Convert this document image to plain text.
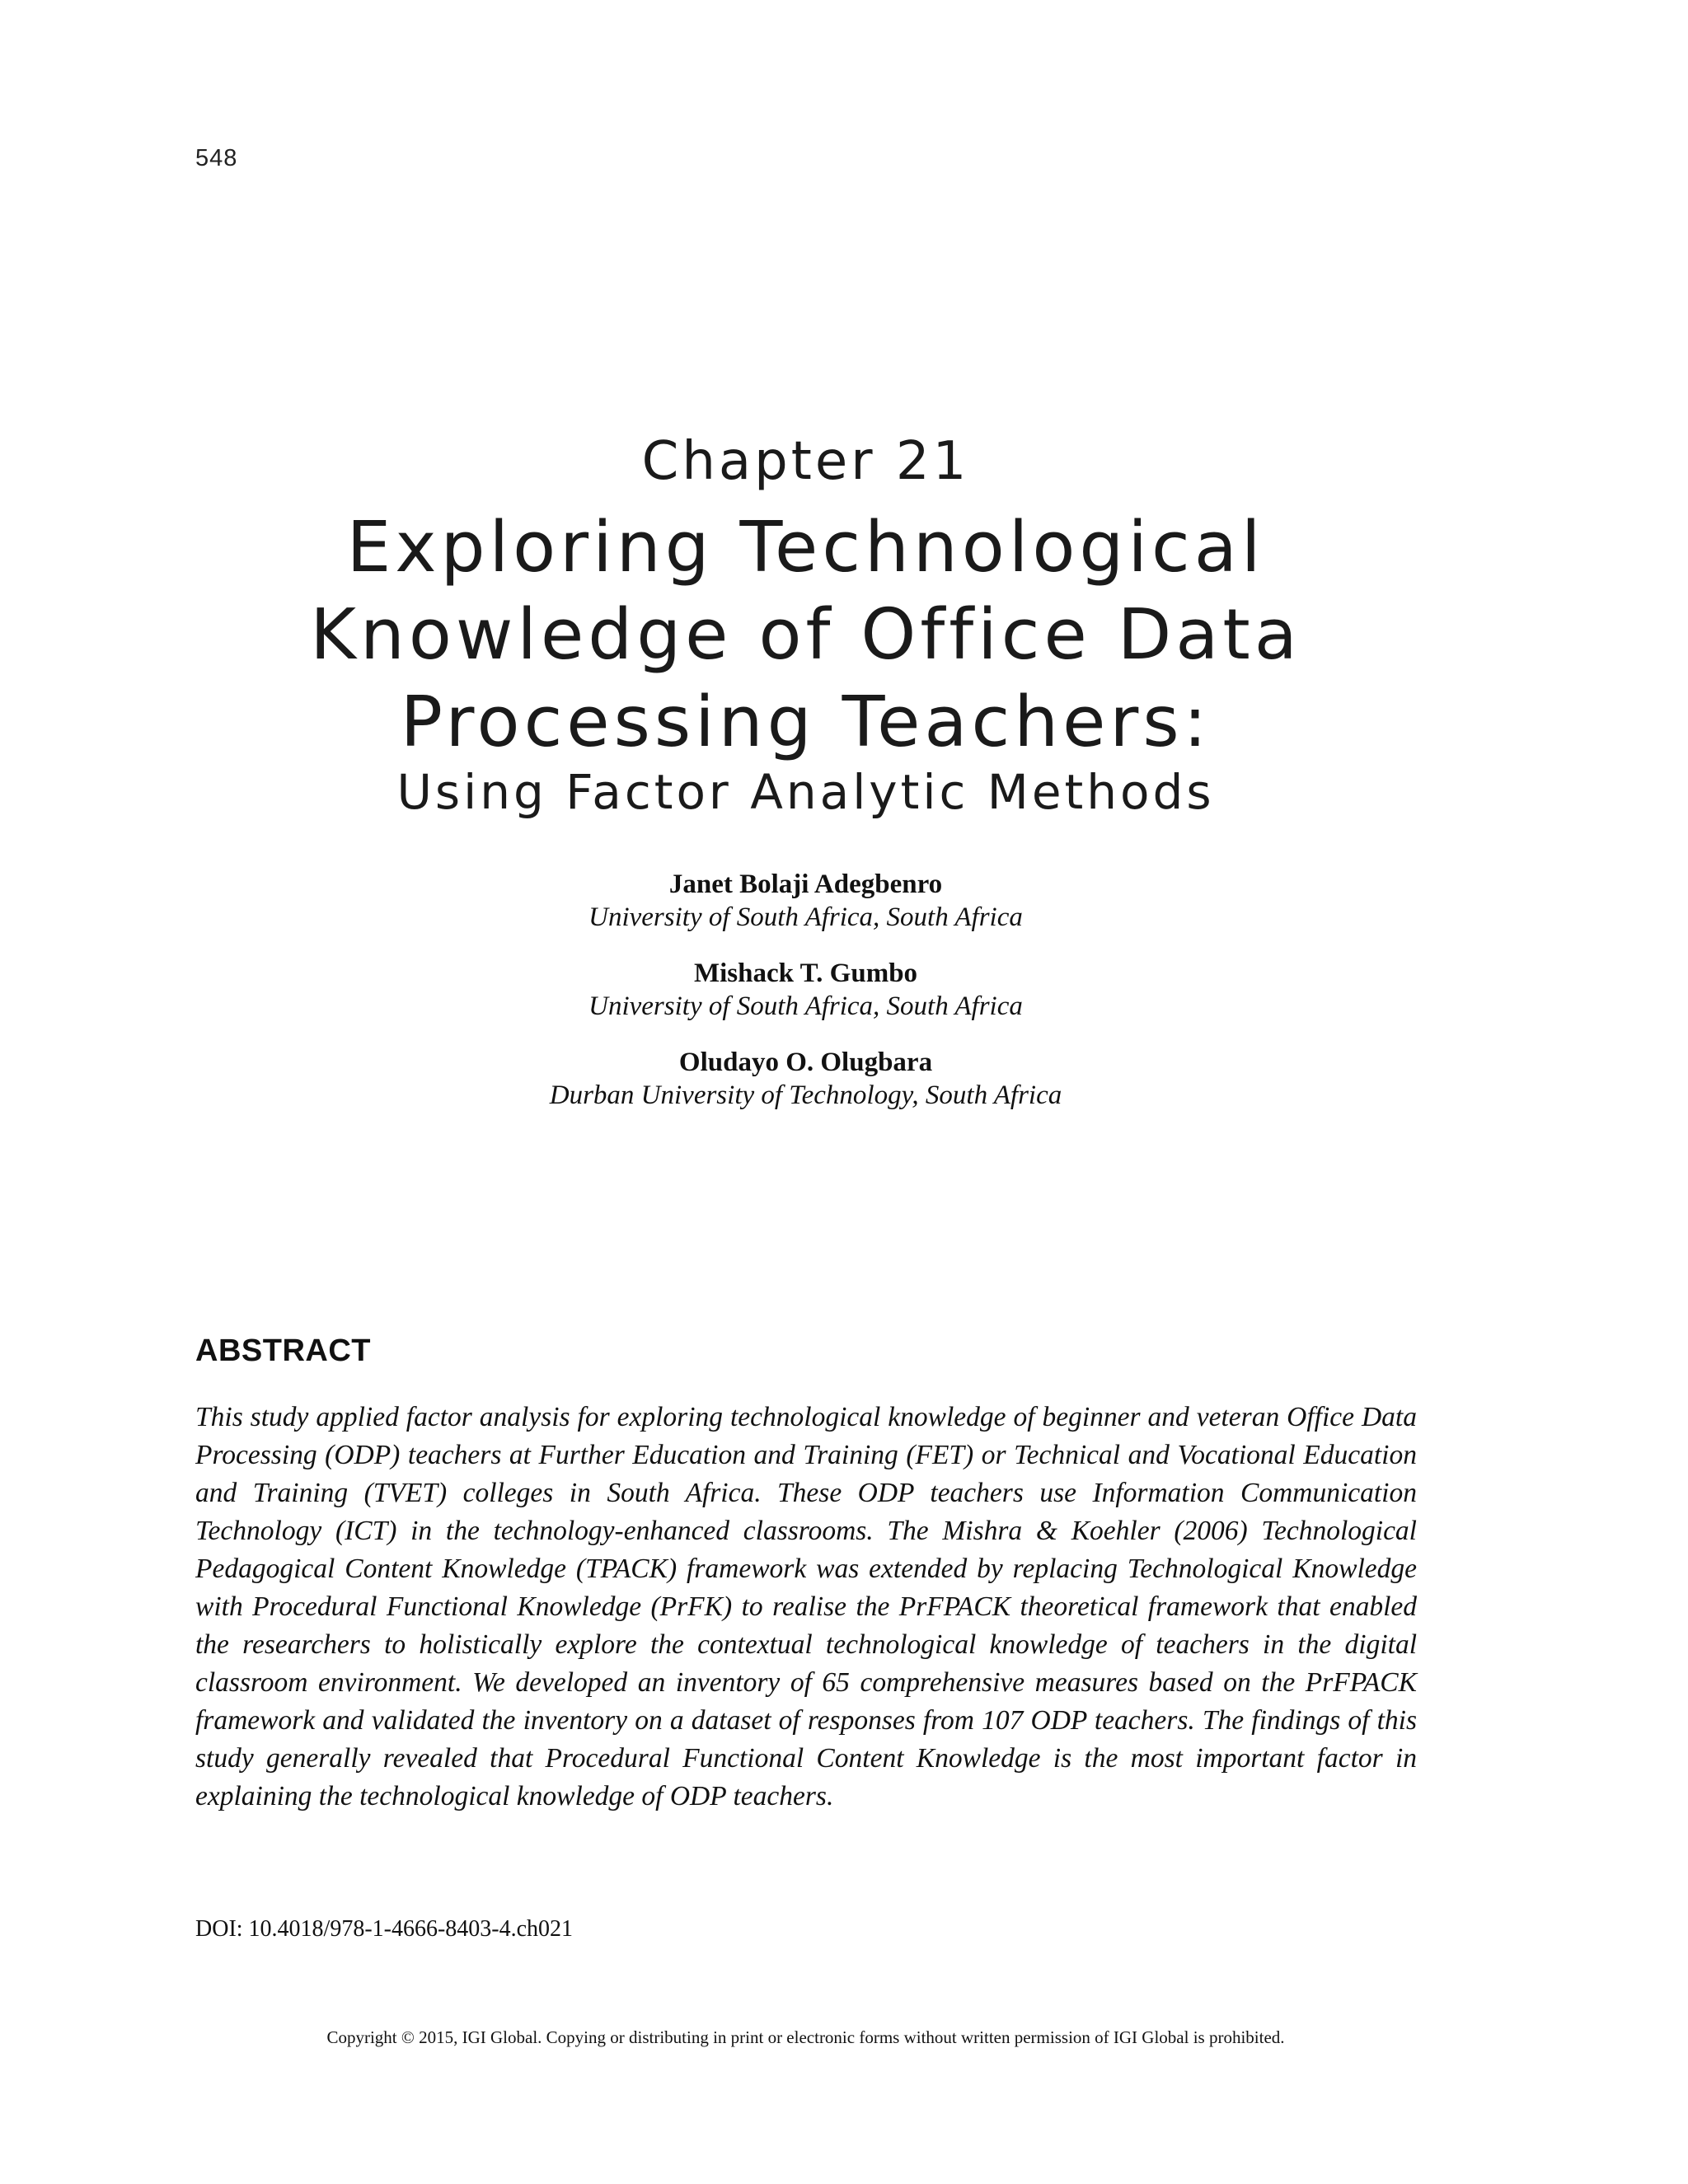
548
Chapter 21
Exploring Technological
Knowledge of Office Data
Processing Teachers:
Using Factor Analytic Methods
Janet Bolaji Adegbenro
University of South Africa, South Africa
Mishack T. Gumbo
University of South Africa, South Africa
Oludayo O. Olugbara
Durban University of Technology, South Africa
ABSTRACT
This study applied factor analysis for exploring technological knowledge of beginner and veteran Office Data Processing (ODP) teachers at Further Education and Training (FET) or Technical and Vocational Education and Training (TVET) colleges in South Africa. These ODP teachers use Information Communication Technology (ICT) in the technology-enhanced classrooms. The Mishra & Koehler (2006) Technological Pedagogical Content Knowledge (TPACK) framework was extended by replacing Technological Knowledge with Procedural Functional Knowledge (PrFK) to realise the PrFPACK theoretical framework that enabled the researchers to holistically explore the contextual technological knowledge of teachers in the digital classroom environment. We developed an inventory of 65 comprehensive measures based on the PrFPACK framework and validated the inventory on a dataset of responses from 107 ODP teachers. The findings of this study generally revealed that Procedural Functional Content Knowledge is the most important factor in explaining the technological knowledge of ODP teachers.
DOI: 10.4018/978-1-4666-8403-4.ch021
Copyright © 2015, IGI Global. Copying or distributing in print or electronic forms without written permission of IGI Global is prohibited.
